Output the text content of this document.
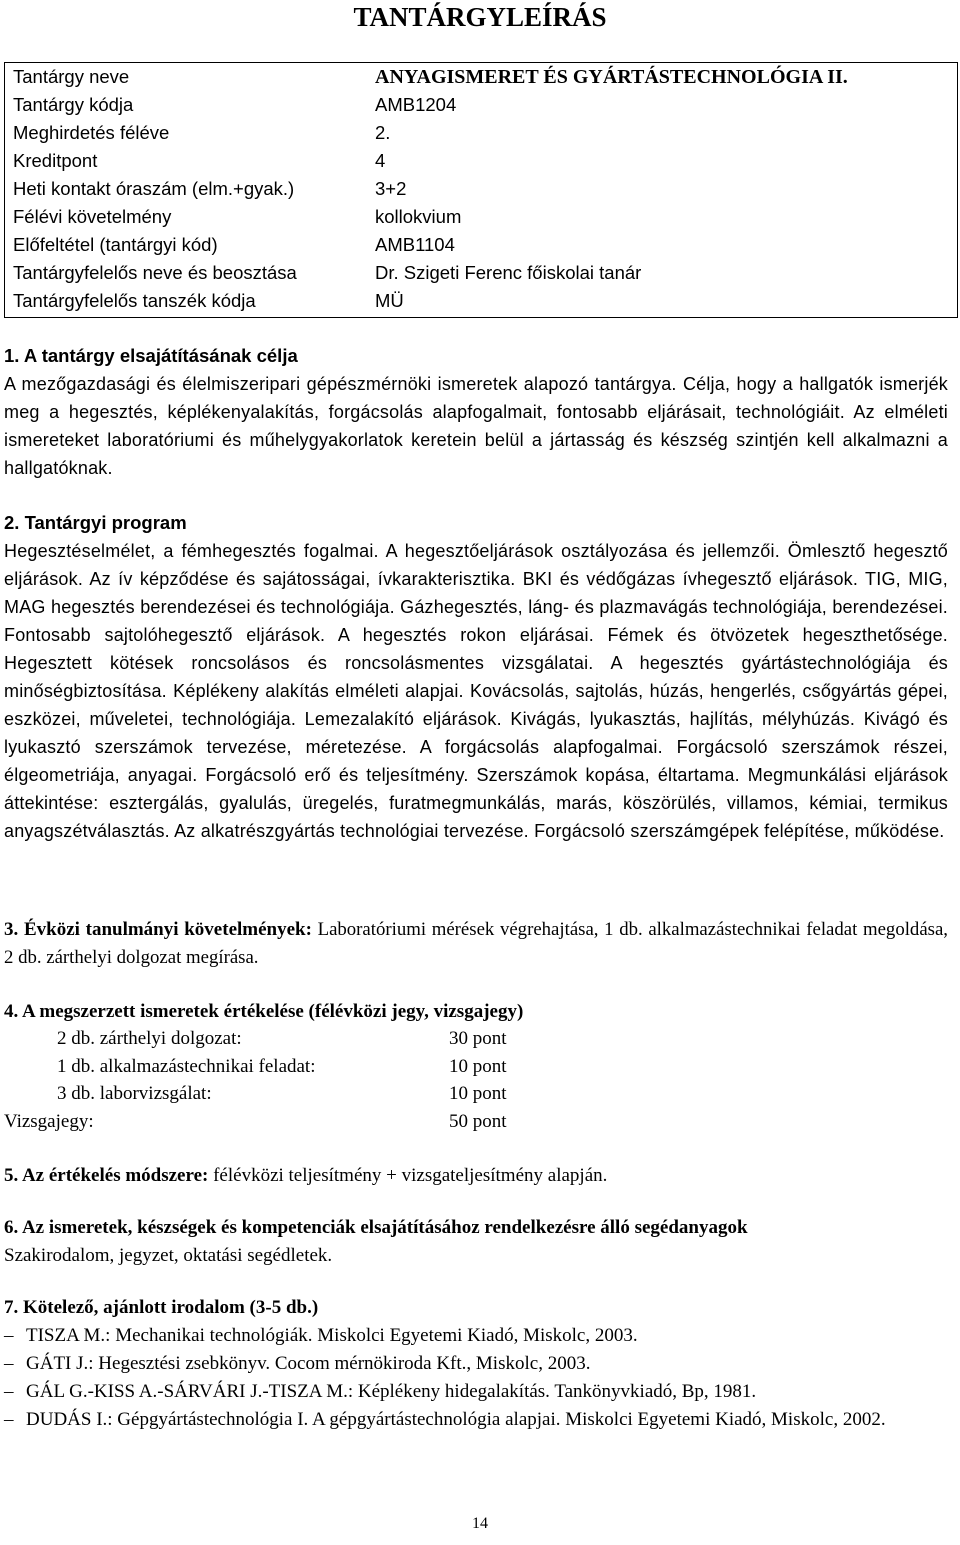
TANTÁRGYLEÍRÁS
Tantárgy neve	ANYAGISMERET ÉS GYÁRTÁSTECHNOLÓGIA II.
Tantárgy kódja	AMB1204
Meghirdetés féléve	2.
Kreditpont	4
Heti kontakt óraszám (elm.+gyak.)	3+2
Félévi követelmény	kollokvium
Előfeltétel (tantárgyi kód)	AMB1104
Tantárgyfelelős neve és beosztása	Dr. Szigeti Ferenc főiskolai tanár
Tantárgyfelelős tanszék kódja	MÜ
1. A tantárgy elsajátításának célja
A mezőgazdasági és élelmiszeripari gépészmérnöki ismeretek alapozó tantárgya. Célja, hogy a hallgatók ismerjék meg a hegesztés, képlékenyalakítás, forgácsolás alapfogalmait, fontosabb eljárásait, technológiáit. Az elméleti ismereteket laboratóriumi és műhelygyakorlatok keretein belül a jártasság és készség szintjén kell alkalmazni a hallgatóknak.
2. Tantárgyi program
Hegesztéselmélet, a fémhegesztés fogalmai. A hegesztőeljárások osztályozása és jellemzői. Ömlesztő hegesztő eljárások. Az ív képződése és sajátosságai, ívkarakterisztika. BKI és védőgázas ívhegesztő eljárások. TIG, MIG, MAG hegesztés berendezései és technológiája. Gázhegesztés, láng- és plazmavágás technológiája, berendezései. Fontosabb sajtolóhegesztő eljárások. A hegesztés rokon eljárásai. Fémek és ötvözetek hegeszthetősége. Hegesztett kötések roncsolásos és roncsolásmentes vizsgálatai. A hegesztés gyártástechnológiája és minőségbiztosítása. Képlékeny alakítás elméleti alapjai. Kovácsolás, sajtolás, húzás, hengerlés, csőgyártás gépei, eszközei, műveletei, technológiája. Lemezalakító eljárások. Kivágás, lyukasztás, hajlítás, mélyhúzás. Kivágó és lyukasztó szerszámok tervezése, méretezése. A forgácsolás alapfogalmai. Forgácsoló szerszámok részei, élgeometriája, anyagai. Forgácsoló erő és teljesítmény. Szerszámok kopása, éltartama. Megmunkálási eljárások áttekintése: esztergálás, gyalulás, üregelés, furatmegmunkálás, marás, köszörülés, villamos, kémiai, termikus anyagszétválasztás. Az alkatrészgyártás technológiai tervezése. Forgácsoló szerszámgépek felépítése, működése.
3. Évközi tanulmányi követelmények: Laboratóriumi mérések végrehajtása, 1 db. alkalmazástechnikai feladat megoldása, 2 db. zárthelyi dolgozat megírása.
4. A megszerzett ismeretek értékelése (félévközi jegy, vizsgajegy)
2 db. zárthelyi dolgozat:	30 pont
1 db. alkalmazástechnikai feladat:	10 pont
3 db. laborvizsgálat:	10 pont
Vizsgajegy:	50 pont
5. Az értékelés módszere: félévközi teljesítmény + vizsgateljesítmény alapján.
6. Az ismeretek, készségek és kompetenciák elsajátításához rendelkezésre álló segédanyagok
Szakirodalom, jegyzet, oktatási segédletek.
7. Kötelező, ajánlott irodalom (3-5 db.)
– TISZA M.: Mechanikai technológiák. Miskolci Egyetemi Kiadó, Miskolc, 2003.
– GÁTI J.: Hegesztési zsebkönyv. Cocom mérnökiroda Kft., Miskolc, 2003.
– GÁL G.-KISS A.-SÁRVÁRI J.-TISZA M.: Képlékeny hidegalakítás. Tankönyvkiadó, Bp, 1981.
– DUDÁS I.: Gépgyártástechnológia I. A gépgyártástechnológia alapjai. Miskolci Egyetemi Kiadó, Miskolc, 2002.
14
